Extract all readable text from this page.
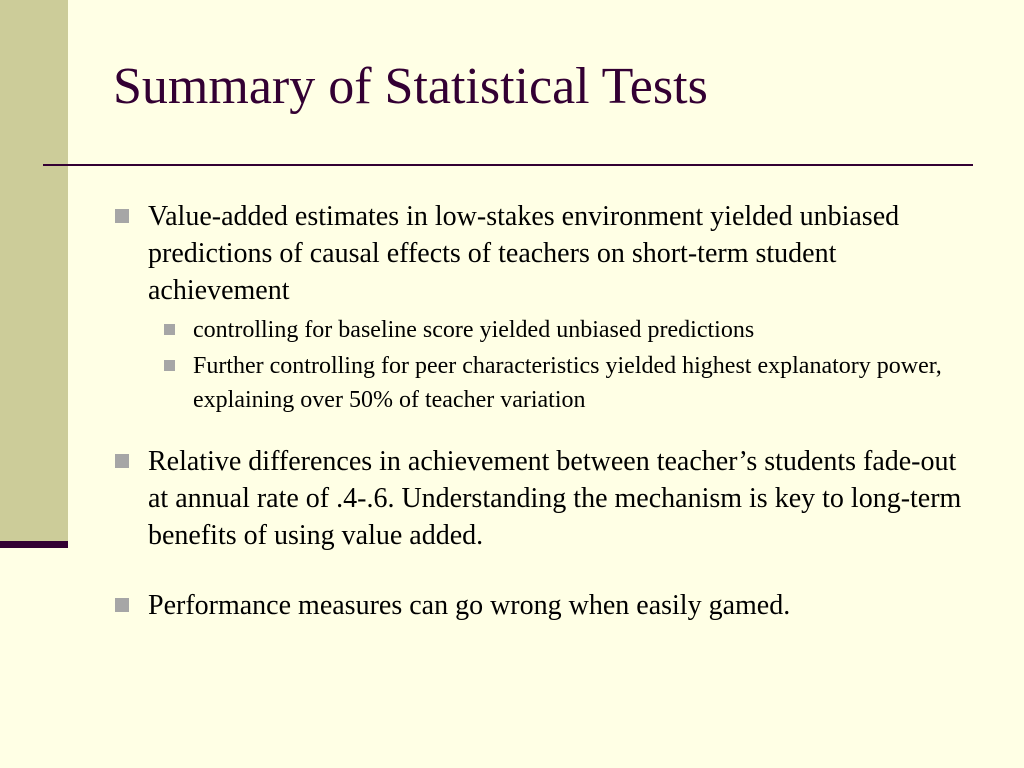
Summary of Statistical Tests
Value-added estimates in low-stakes environment yielded unbiased predictions of causal effects of teachers on short-term student achievement
controlling for baseline score yielded unbiased predictions
Further controlling for peer characteristics yielded highest explanatory power, explaining over 50% of teacher variation
Relative differences in achievement between teacher’s students fade-out at annual rate of .4-.6. Understanding the mechanism is key to long-term benefits of using value added.
Performance measures can go wrong when easily gamed.
